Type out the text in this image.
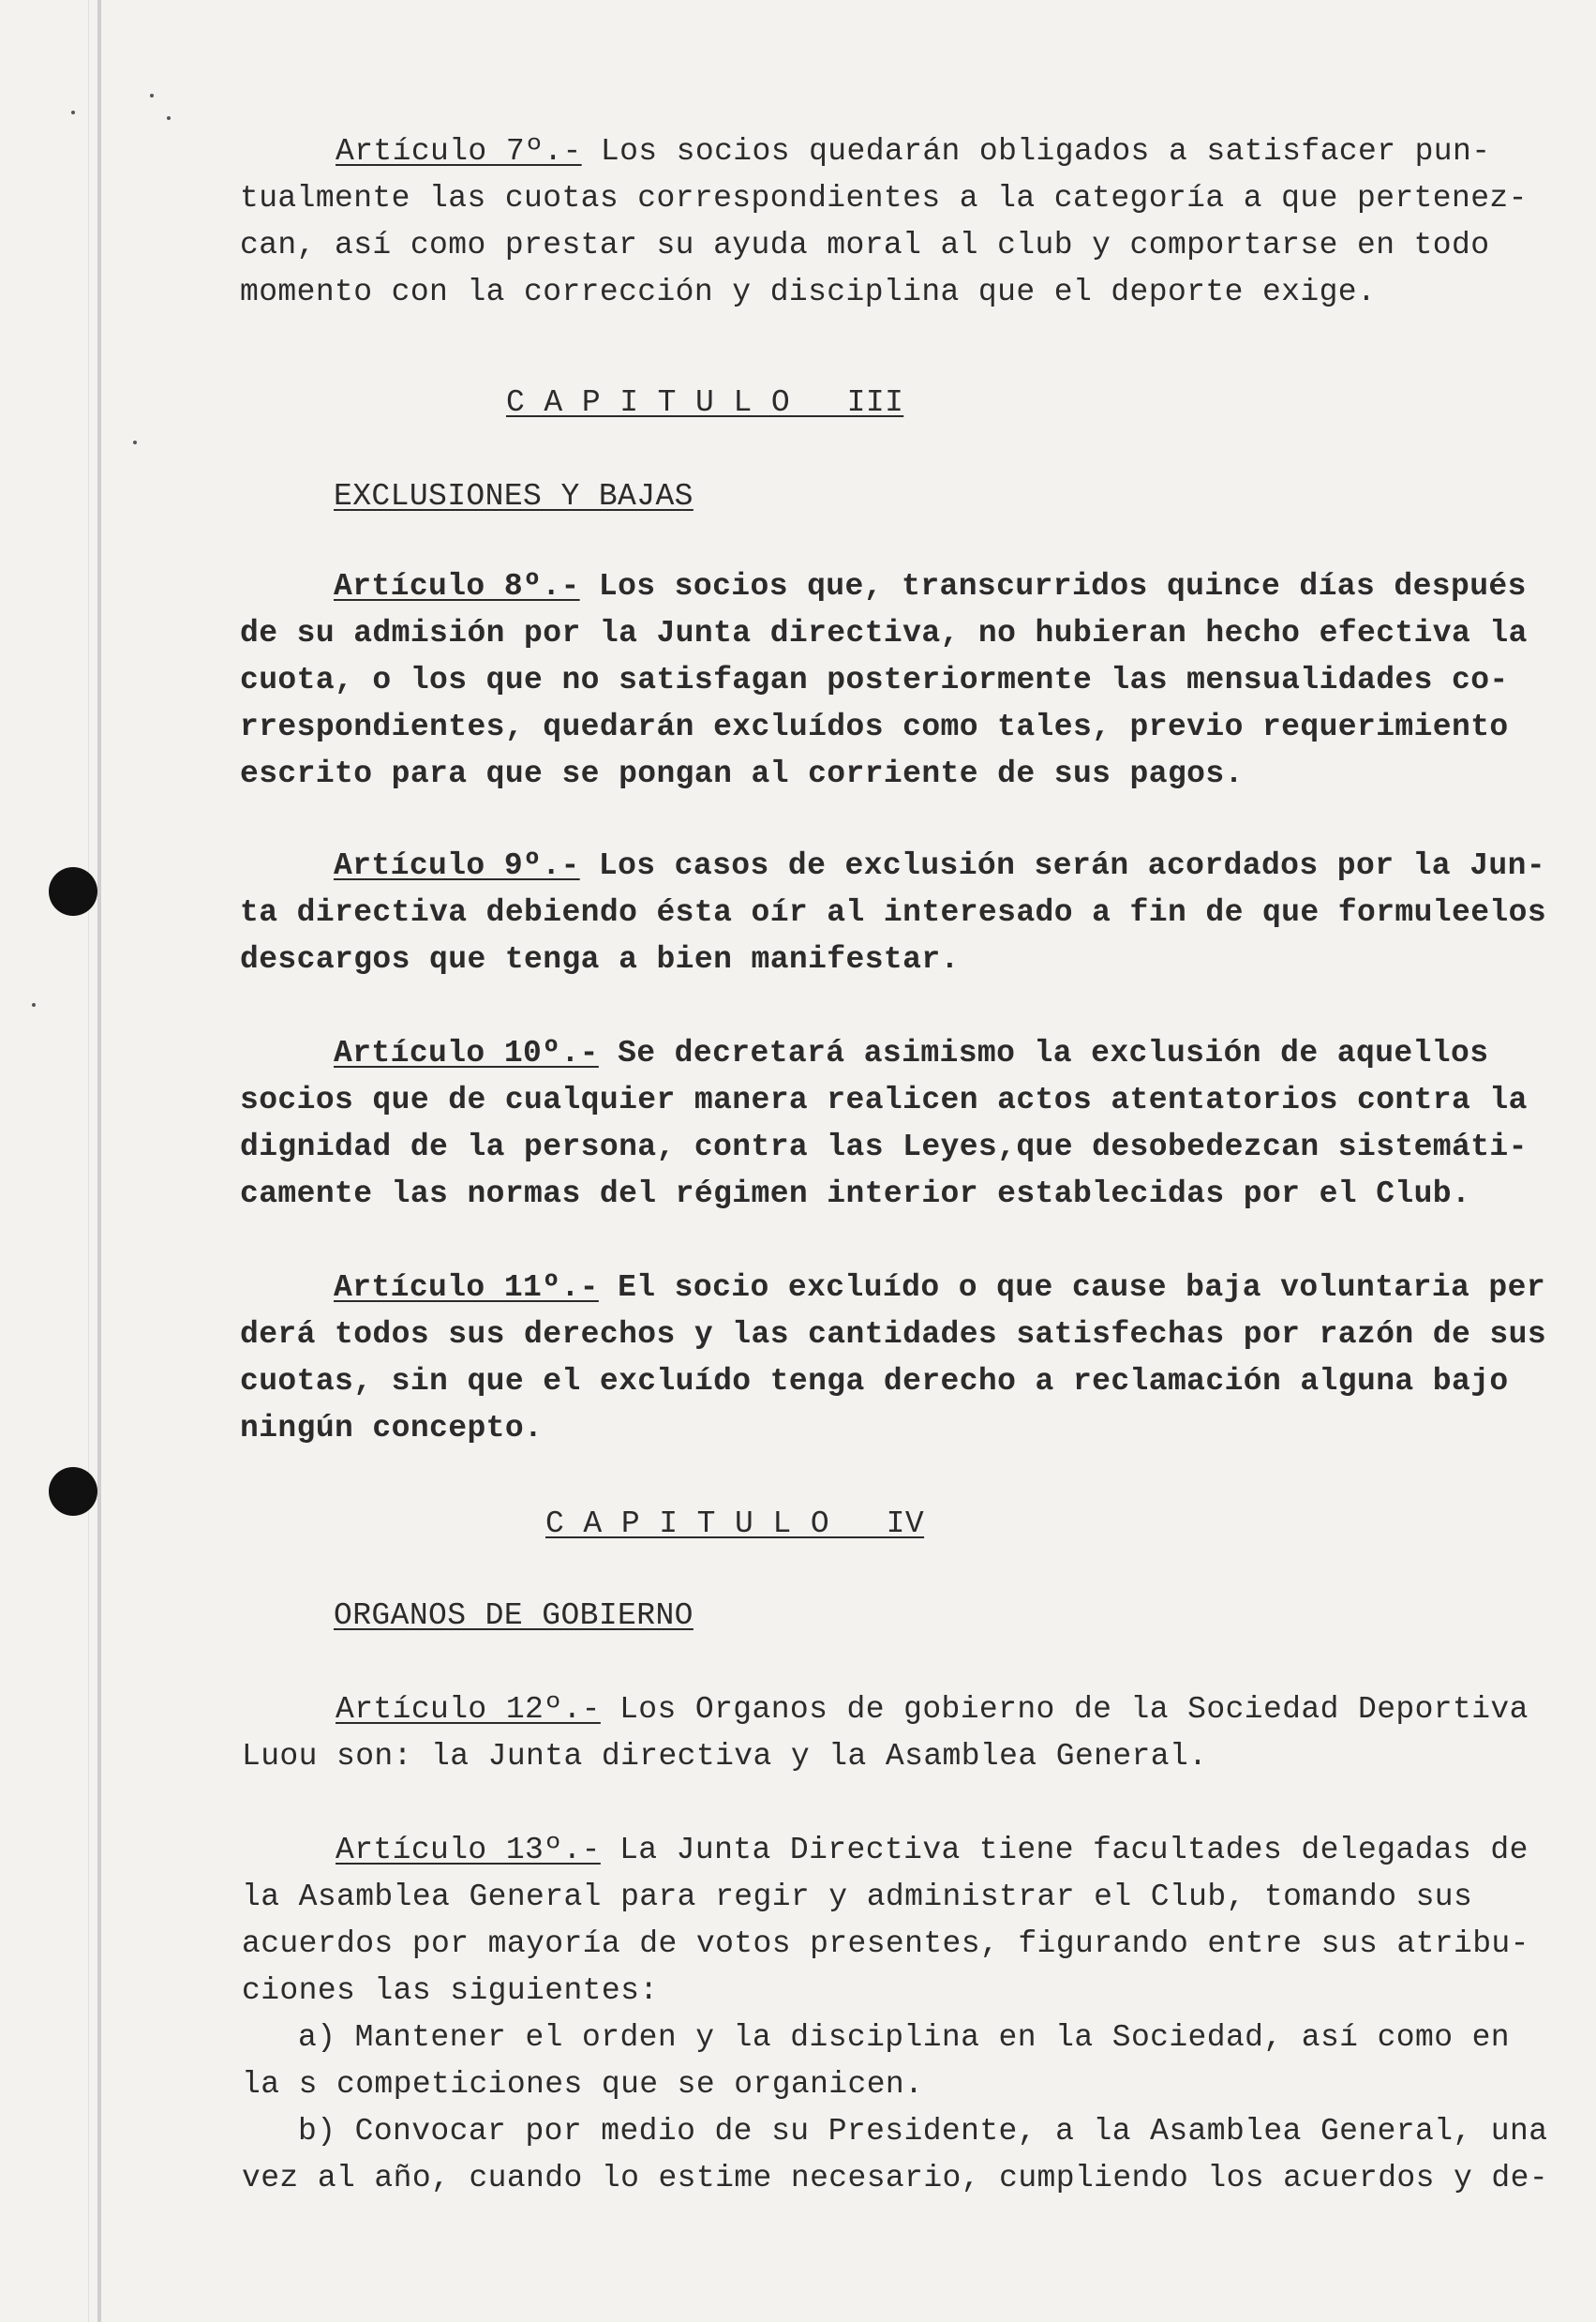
Artículo 7º.- Los socios quedarán obligados a satisfacer pun-
tualmente las cuotas correspondientes a la categoría a que pertenez-
can, así como prestar su ayuda moral al club y comportarse en todo
momento con la corrección y disciplina que el deporte exige.
C A P I T U L O   III
EXCLUSIONES Y BAJAS
Artículo 8º.- Los socios que, transcurridos quince días después
de su admisión por la Junta directiva, no hubieran hecho efectiva la
cuota, o los que no satisfagan posteriormente las mensualidades co-
rrespondientes, quedarán excluídos como tales, previo requerimiento
escrito para que se pongan al corriente de sus pagos.
Artículo 9º.- Los casos de exclusión serán acordados por la Jun-
ta directiva debiendo ésta oír al interesado a fin de que formuleelos
descargos que tenga a bien manifestar.
Artículo 10º.- Se decretará asimismo la exclusión de aquellos
socios que de cualquier manera realicen actos atentatorios contra la
dignidad de la persona, contra las Leyes,que desobedezcan sistemáti-
camente las normas del régimen interior establecidas por el Club.
Artículo 11º.- El socio excluído o que cause baja voluntaria per
derá todos sus derechos y las cantidades satisfechas por razón de sus
cuotas, sin que el excluído tenga derecho a reclamación alguna bajo
ningún concepto.
C A P I T U L O   IV
ORGANOS DE GOBIERNO
Artículo 12º.- Los Organos de gobierno de la Sociedad Deportiva
Luou son: la Junta directiva y la Asamblea General.
Artículo 13º.- La Junta Directiva tiene facultades delegadas de
la Asamblea General para regir y administrar el Club, tomando sus
acuerdos por mayoría de votos presentes, figurando entre sus atribu-
ciones las siguientes:
a) Mantener el orden y la disciplina en la Sociedad, así como en
la s competiciones que se organicen.
b) Convocar por medio de su Presidente, a la Asamblea General, una
vez al año, cuando lo estime necesario, cumpliendo los acuerdos y de-
